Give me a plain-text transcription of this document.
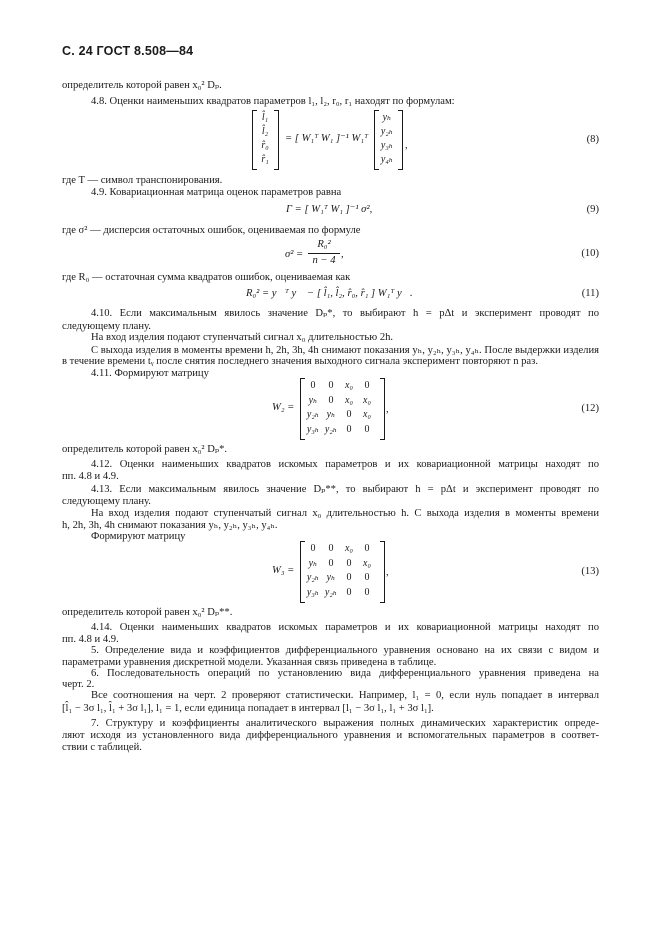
С. 24 ГОСТ 8.508—84
определитель которой равен x₀² Dₚ.
4.8. Оценки наименьших квадратов параметров l₁, l₂, r₀, r₁ находят по формулам:
l̂₁
l̂₂
r̂₀
r̂₁
= [ W₁ᵀ W₁ ]⁻¹ W₁ᵀ
yₕ
y₂ₕ
y₃ₕ
y₄ₕ
,
(8)
где T — символ транспонирования.
4.9. Ковариационная матрица оценок параметров равна
Γ = [ W₁ᵀ W₁ ]⁻¹ σ²,	(9)
где σ² — дисперсия остаточных ошибок, оцениваемая по формуле
σ² =
R₀²
n − 4
,	(10)
где R₀ — остаточная сумма квадратов ошибок, оцениваемая как
R₀² = y⃗ᵀ y⃗ − [ l̂₁, l̂₂, r̂₀, r̂₁ ] W₁ᵀ y⃗.	(11)
4.10. Если максимальным явилось значение Dₚ*, то выбирают h = pΔt и эксперимент проводят по
следующему плану.
На вход изделия подают ступенчатый сигнал x₀ длительностью 2h.
С выхода изделия в моменты времени h, 2h, 3h, 4h снимают показания yₕ, y₂ₕ, y₃ₕ, y₄ₕ. После выдержки изделия
в течение времени tᵧ после снятия последнего значения выходного сигнала эксперимент повторяют n раз.
4.11. Формируют матрицу
W₂ =
0	0	x₀	0
yₕ	0	x₀	x₀
y₂ₕ yₕ	0	x₀
y₃ₕ y₂ₕ 0	0
,	(12)
определитель которой равен x₀² Dₚ*.
4.12. Оценки наименьших квадратов искомых параметров и их ковариационной матрицы находят по
пп. 4.8 и 4.9.
4.13. Если максимальным явилось значение Dₚ**, то выбирают h = pΔt и эксперимент проводят по
следующему плану.
На вход изделия подают ступенчатый сигнал x₀ длительностью h. С выхода изделия в моменты времени
h, 2h, 3h, 4h снимают показания yₕ, y₂ₕ, y₃ₕ, y₄ₕ.
Формируют матрицу
W₃ =
0	0	x₀	0
yₕ	0	0	x₀
y₂ₕ yₕ	0	0
y₃ₕ y₂ₕ 0	0
,	(13)
определитель которой равен x₀² Dₚ**.
4.14. Оценки наименьших квадратов искомых параметров и их ковариационной матрицы находят по
пп. 4.8 и 4.9.
5. Определение вида и коэффициентов дифференциального уравнения основано на их связи с видом и
параметрами уравнения дискретной модели. Указанная связь приведена в таблице.
6. Последовательность операций по установлению вида дифференциального уравнения приведена на
черт. 2.
Все соотношения на черт. 2 проверяют статистически. Например, l₁ = 0, если нуль попадает в интервал
[l̂₁ − 3σ l₁, l̂₁ + 3σ l₁], l₁ = 1, если единица попадает в интервал [l₁ − 3σ l₁, l₁ + 3σ l₁].
7. Структуру и коэффициенты аналитического выражения полных динамических характеристик опреде-
ляют исходя из установленного вида дифференциального уравнения и вспомогательных параметров в соответ-
ствии с таблицей.
